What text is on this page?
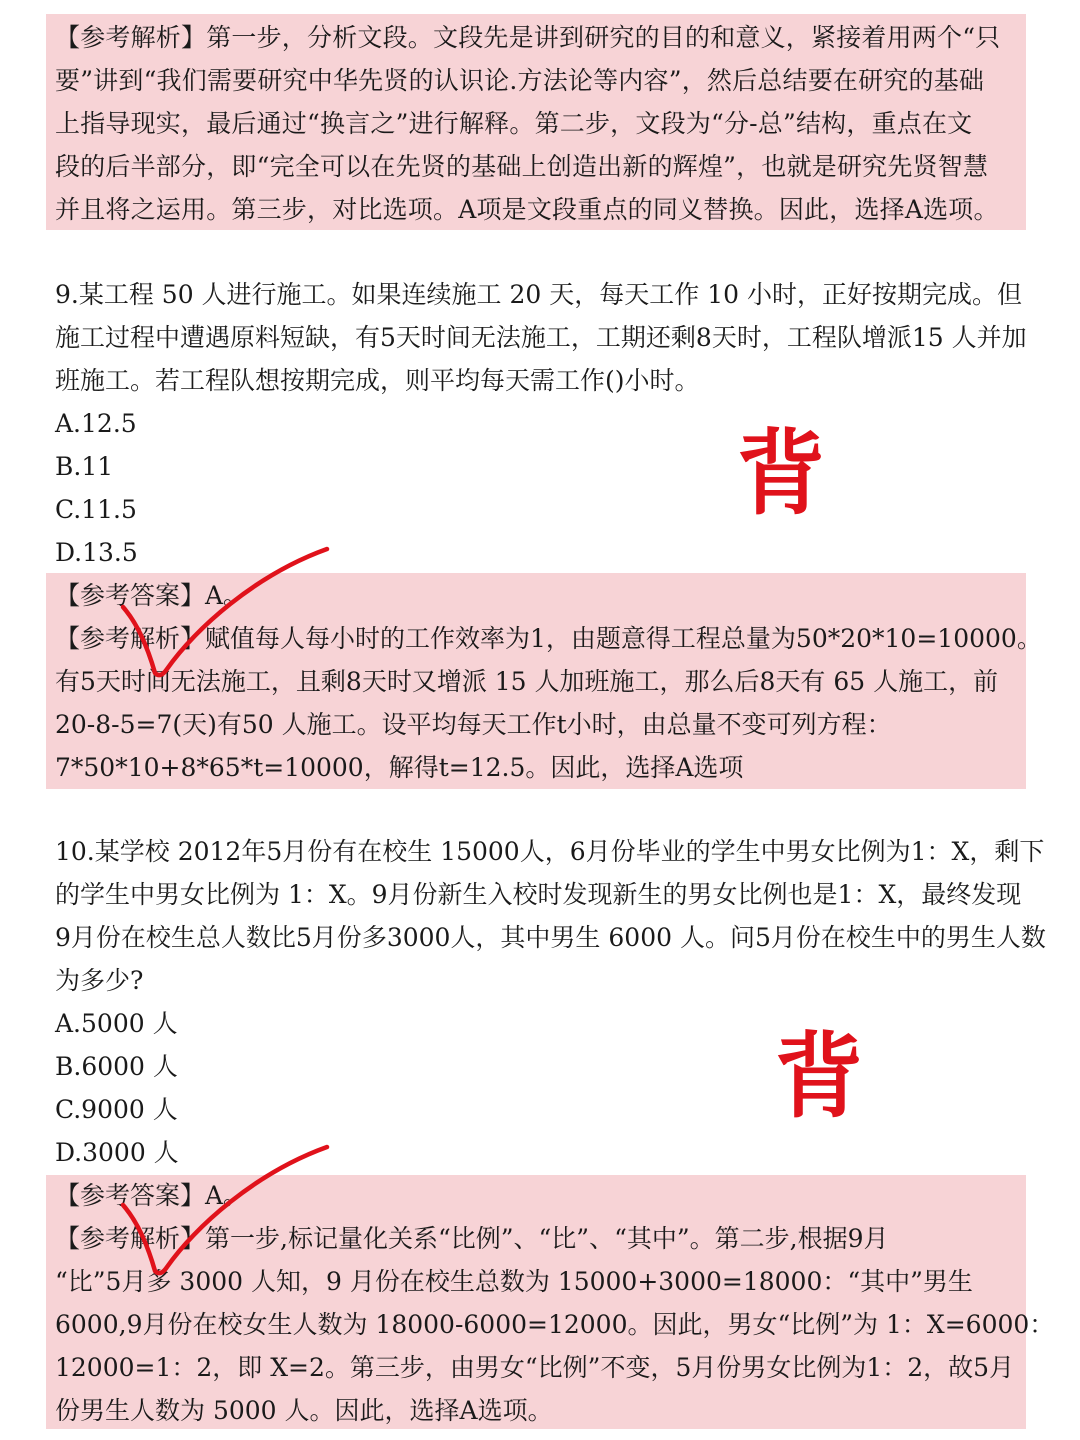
【参考解析】第一步，分析文段。文段先是讲到研究的目的和意义，紧接着用两个“只
要”讲到“我们需要研究中华先贤的认识论.方法论等内容”，然后总结要在研究的基础
上指导现实，最后通过“换言之”进行解释。第二步，文段为“分-总”结构，重点在文
段的后半部分，即“完全可以在先贤的基础上创造出新的辉煌”，也就是研究先贤智慧
并且将之运用。第三步，对比选项。A项是文段重点的同义替换。因此，选择A选项。
9.某工程 50 人进行施工。如果连续施工 20 天，每天工作 10 小时，正好按期完成。但
施工过程中遭遇原料短缺，有5天时间无法施工，工期还剩8天时，工程队增派15 人并加
班施工。若工程队想按期完成，则平均每天需工作()小时。
A.12.5
B.11
C.11.5
D.13.5
背
【参考答案】A。
【参考解析】赋值每人每小时的工作效率为1，由题意得工程总量为50*20*10=10000。
有5天时间无法施工，且剩8天时又增派 15 人加班施工，那么后8天有 65 人施工，前
20-8-5=7(天)有50 人施工。设平均每天工作t小时，由总量不变可列方程：
7*50*10+8*65*t=10000，解得t=12.5。因此，选择A选项
10.某学校 2012年5月份有在校生 15000人，6月份毕业的学生中男女比例为1：X，剩下
的学生中男女比例为 1：X。9月份新生入校时发现新生的男女比例也是1：X，最终发现
9月份在校生总人数比5月份多3000人，其中男生 6000 人。问5月份在校生中的男生人数
为多少?
A.5000 人
B.6000 人
C.9000 人
D.3000 人
背
【参考答案】A。
【参考解析】第一步,标记量化关系“比例”、“比”、“其中”。第二步,根据9月
“比”5月多 3000 人知，9 月份在校生总数为 15000+3000=18000：“其中”男生
6000,9月份在校女生人数为 18000-6000=12000。因此，男女“比例”为 1：X=6000：
12000=1：2，即 X=2。第三步，由男女“比例”不变，5月份男女比例为1：2，故5月
份男生人数为 5000 人。因此，选择A选项。
